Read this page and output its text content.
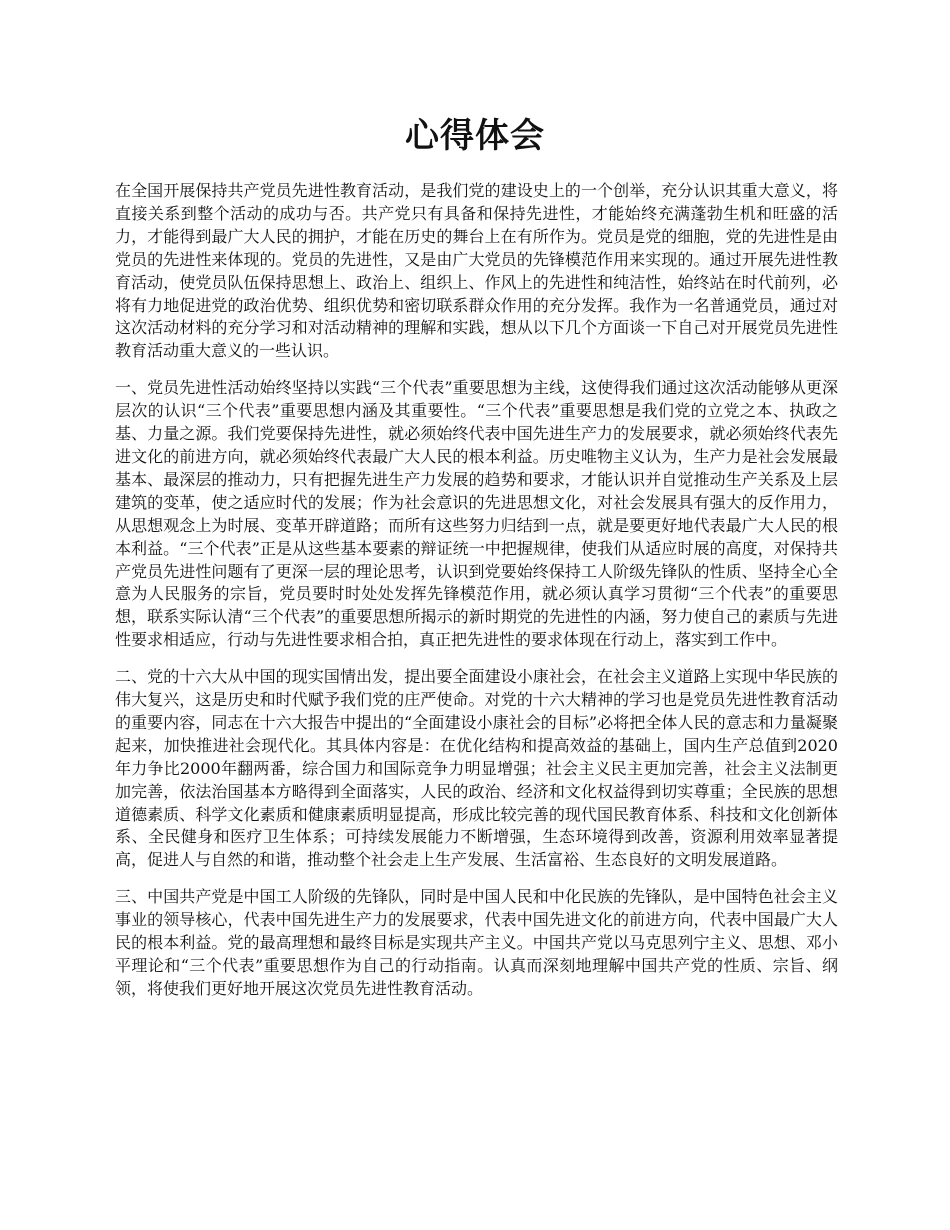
心得体会

在全国开展保持共产党员先进性教育活动，是我们党的建设史上的一个创举，充分认识其重大意义，将直接关系到整个活动的成功与否。共产党只有具备和保持先进性，才能始终充满蓬勃生机和旺盛的活力，才能得到最广大人民的拥护，才能在历史的舞台上在有所作为。党员是党的细胞，党的先进性是由党员的先进性来体现的。党员的先进性，又是由广大党员的先锋模范作用来实现的。通过开展先进性教育活动，使党员队伍保持思想上、政治上、组织上、作风上的先进性和纯洁性，始终站在时代前列，必将有力地促进党的政治优势、组织优势和密切联系群众作用的充分发挥。我作为一名普通党员，通过对这次活动材料的充分学习和对活动精神的理解和实践，想从以下几个方面谈一下自己对开展党员先进性教育活动重大意义的一些认识。

一、党员先进性活动始终坚持以实践“三个代表”重要思想为主线，这使得我们通过这次活动能够从更深层次的认识“三个代表”重要思想内涵及其重要性。“三个代表”重要思想是我们党的立党之本、执政之基、力量之源。我们党要保持先进性，就必须始终代表中国先进生产力的发展要求，就必须始终代表先进文化的前进方向，就必须始终代表最广大人民的根本利益。历史唯物主义认为，生产力是社会发展最基本、最深层的推动力，只有把握先进生产力发展的趋势和要求，才能认识并自觉推动生产关系及上层建筑的变革，使之适应时代的发展；作为社会意识的先进思想文化，对社会发展具有强大的反作用力，从思想观念上为时展、变革开辟道路；而所有这些努力归结到一点，就是要更好地代表最广大人民的根本利益。“三个代表”正是从这些基本要素的辩证统一中把握规律，使我们从适应时展的高度，对保持共产党员先进性问题有了更深一层的理论思考，认识到党要始终保持工人阶级先锋队的性质、坚持全心全意为人民服务的宗旨，党员要时时处处发挥先锋模范作用，就必须认真学习贯彻“三个代表”的重要思想，联系实际认清“三个代表”的重要思想所揭示的新时期党的先进性的内涵，努力使自己的素质与先进性要求相适应，行动与先进性要求相合拍，真正把先进性的要求体现在行动上，落实到工作中。

二、党的十六大从中国的现实国情出发，提出要全面建设小康社会，在社会主义道路上实现中华民族的伟大复兴，这是历史和时代赋予我们党的庄严使命。对党的十六大精神的学习也是党员先进性教育活动的重要内容，同志在十六大报告中提出的“全面建设小康社会的目标”必将把全体人民的意志和力量凝聚起来，加快推进社会现代化。其具体内容是：在优化结构和提高效益的基础上，国内生产总值到2020年力争比2000年翻两番，综合国力和国际竞争力明显增强；社会主义民主更加完善，社会主义法制更加完善，依法治国基本方略得到全面落实，人民的政治、经济和文化权益得到切实尊重；全民族的思想道德素质、科学文化素质和健康素质明显提高，形成比较完善的现代国民教育体系、科技和文化创新体系、全民健身和医疗卫生体系；可持续发展能力不断增强，生态环境得到改善，资源利用效率显著提高，促进人与自然的和谐，推动整个社会走上生产发展、生活富裕、生态良好的文明发展道路。

三、中国共产党是中国工人阶级的先锋队，同时是中国人民和中化民族的先锋队，是中国特色社会主义事业的领导核心，代表中国先进生产力的发展要求，代表中国先进文化的前进方向，代表中国最广大人民的根本利益。党的最高理想和最终目标是实现共产主义。中国共产党以马克思列宁主义、思想、邓小平理论和“三个代表”重要思想作为自己的行动指南。认真而深刻地理解中国共产党的性质、宗旨、纲领，将使我们更好地开展这次党员先进性教育活动。
